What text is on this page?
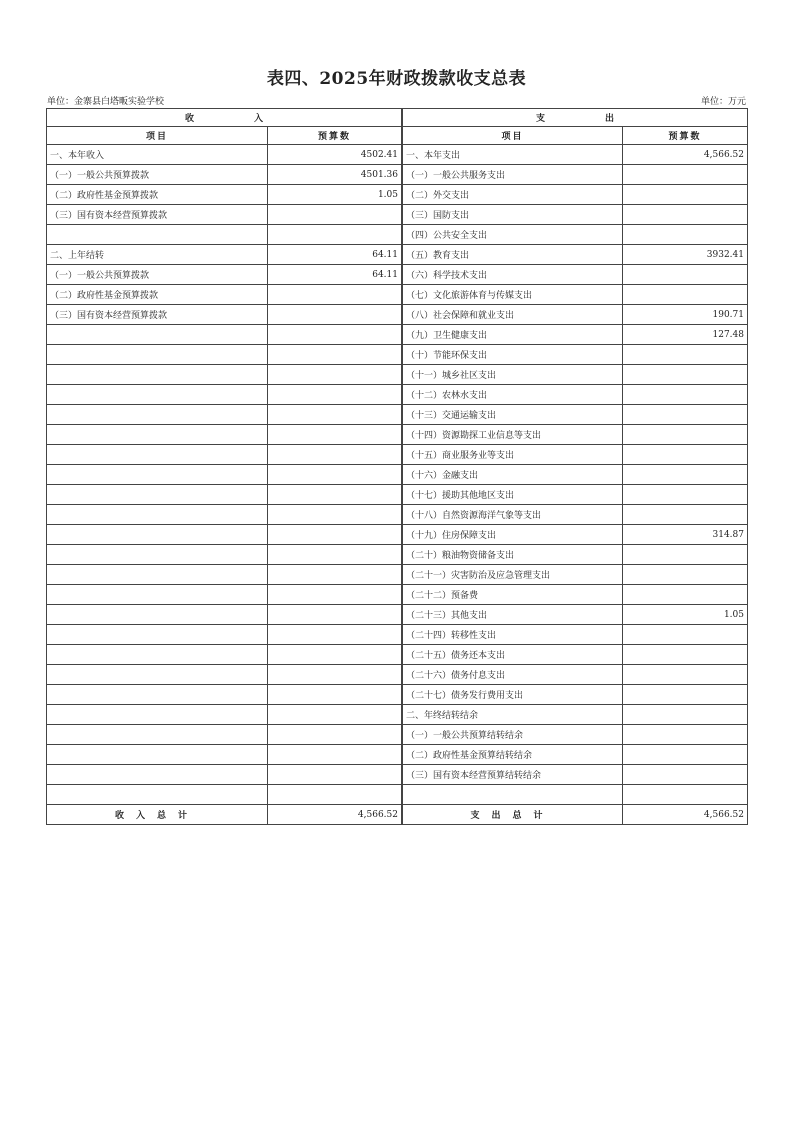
表四、2025年财政拨款收支总表
单位：金寨县白塔畈实验学校	单位：万元
收 入		支 出	
项目	预算数		项目	预算数
一、本年收入	4502.41		一、本年支出	4,566.52
（一）一般公共预算拨款	4501.36		（一）一般公共服务支出	
（二）政府性基金预算拨款	1.05		（二）外交支出	
（三）国有资本经营预算拨款			（三）国防支出	
			（四）公共安全支出	
二、上年结转	64.11		（五）教育支出	3932.41
（一）一般公共预算拨款	64.11		（六）科学技术支出	
（二）政府性基金预算拨款			（七）文化旅游体育与传媒支出	
（三）国有资本经营预算拨款			（八）社会保障和就业支出	190.71
			（九）卫生健康支出	127.48
			（十）节能环保支出	
			（十一）城乡社区支出	
			（十二）农林水支出	
			（十三）交通运输支出	
			（十四）资源勘探工业信息等支出	
			（十五）商业服务业等支出	
			（十六）金融支出	
			（十七）援助其他地区支出	
			（十八）自然资源海洋气象等支出	
			（十九）住房保障支出	314.87
			（二十）粮油物资储备支出	
			（二十一）灾害防治及应急管理支出	
			（二十二）预备费	
			（二十三）其他支出	1.05
			（二十四）转移性支出	
			（二十五）债务还本支出	
			（二十六）债务付息支出	
			（二十七）债务发行费用支出	
			二、年终结转结余	
			（一）一般公共预算结转结余	
			（二）政府性基金预算结转结余	
			（三）国有资本经营预算结转结余	

收入总计	4,566.52		支出总计	4,566.52
